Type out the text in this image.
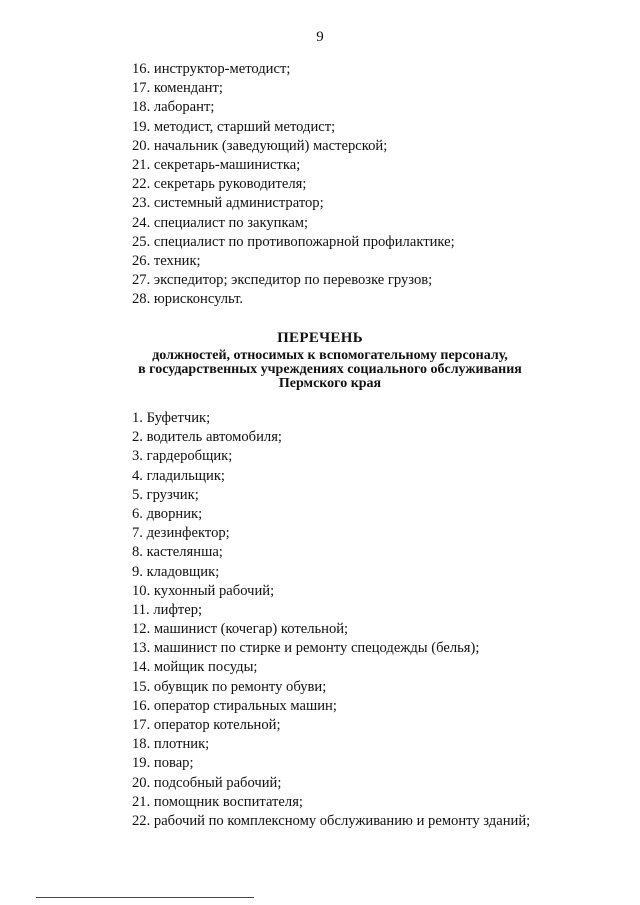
9
16. инструктор-методист;
17. комендант;
18. лаборант;
19. методист, старший методист;
20. начальник (заведующий) мастерской;
21. секретарь-машинистка;
22. секретарь руководителя;
23. системный администратор;
24. специалист по закупкам;
25. специалист по противопожарной профилактике;
26. техник;
27. экспедитор; экспедитор по перевозке грузов;
28. юрисконсульт.
ПЕРЕЧЕНЬ
должностей, относимых к вспомогательному персоналу,
в государственных учреждениях социального обслуживания
Пермского края
1. Буфетчик;
2. водитель автомобиля;
3. гардеробщик;
4. гладильщик;
5. грузчик;
6. дворник;
7. дезинфектор;
8. кастелянша;
9. кладовщик;
10. кухонный рабочий;
11. лифтер;
12. машинист (кочегар) котельной;
13. машинист по стирке и ремонту спецодежды (белья);
14. мойщик посуды;
15. обувщик по ремонту обуви;
16. оператор стиральных машин;
17. оператор котельной;
18. плотник;
19. повар;
20. подсобный рабочий;
21. помощник воспитателя;
22. рабочий по комплексному обслуживанию и ремонту зданий;
